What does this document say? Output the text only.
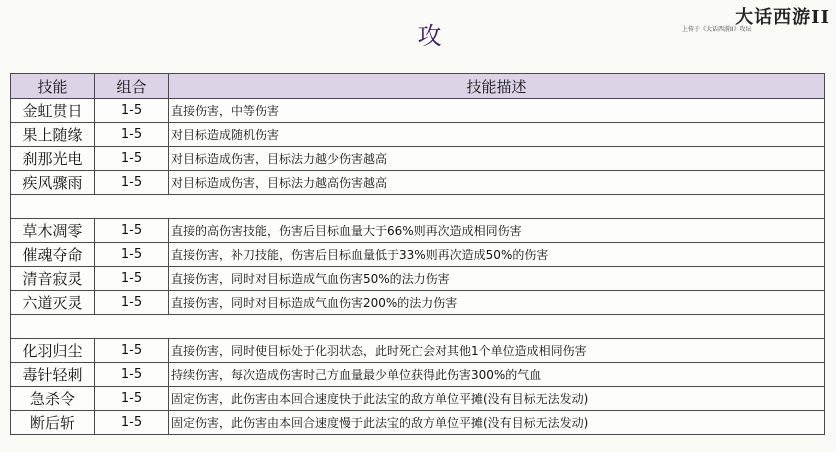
攻
大话西游II
上传于《大话西游II》攻坛
技能	组合	技能描述
金虹贯日	1-5	直接伤害，中等伤害
果上随缘	1-5	对目标造成随机伤害
刹那光电	1-5	对目标造成伤害，目标法力越少伤害越高
疾风骤雨	1-5	对目标造成伤害，目标法力越高伤害越高

草木凋零	1-5	直接的高伤害技能，伤害后目标血量大于66%则再次造成相同伤害
催魂夺命	1-5	直接伤害，补刀技能，伤害后目标血量低于33%则再次造成50%的伤害
清音寂灵	1-5	直接伤害，同时对目标造成气血伤害50%的法力伤害
六道灭灵	1-5	直接伤害，同时对目标造成气血伤害200%的法力伤害

化羽归尘	1-5	直接伤害，同时使目标处于化羽状态，此时死亡会对其他1个单位造成相同伤害
毒针轻刺	1-5	持续伤害，每次造成伤害时己方血量最少单位获得此伤害300%的气血
急杀令	1-5	固定伤害，此伤害由本回合速度快于此法宝的敌方单位平摊(没有目标无法发动)
断后斩	1-5	固定伤害，此伤害由本回合速度慢于此法宝的敌方单位平摊(没有目标无法发动)
